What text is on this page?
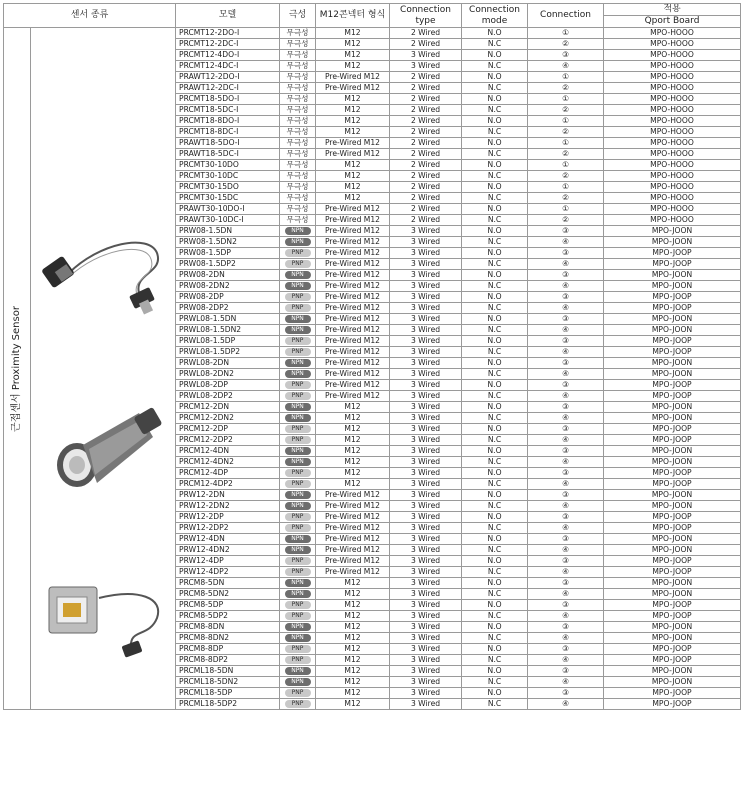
센서 종류		모델	극성	M12콘넥터 형식	Connection type	Connection mode	Connection	적용
								Qport Board

근접센서 Proximity Sensor		PRCMT12-2DO-I	무극성	M12	2 Wired	N.O	①	MPO-HOOO
		PRCMT12-2DC-I	무극성	M12	2 Wired	N.C	②	MPO-HOOO
		PRCMT12-4DO-I	무극성	M12	3 Wired	N.O	③	MPO-HOOO
		PRCMT12-4DC-I	무극성	M12	3 Wired	N.C	④	MPO-HOOO
		PRAWT12-2DO-I	무극성	Pre-Wired M12	2 Wired	N.O	①	MPO-HOOO
		PRAWT12-2DC-I	무극성	Pre-Wired M12	2 Wired	N.C	②	MPO-HOOO
		PRCMT18-5DO-I	무극성	M12	2 Wired	N.O	①	MPO-HOOO
		PRCMT18-5DC-I	무극성	M12	2 Wired	N.C	②	MPO-HOOO
		PRCMT18-8DO-I	무극성	M12	2 Wired	N.O	①	MPO-HOOO
		PRCMT18-8DC-I	무극성	M12	2 Wired	N.C	②	MPO-HOOO
		PRAWT18-5DO-I	무극성	Pre-Wired M12	2 Wired	N.O	①	MPO-HOOO
		PRAWT18-5DC-I	무극성	Pre-Wired M12	2 Wired	N.C	②	MPO-HOOO
		PRCMT30-10DO	무극성	M12	2 Wired	N.O	①	MPO-HOOO
		PRCMT30-10DC	무극성	M12	2 Wired	N.C	②	MPO-HOOO
		PRCMT30-15DO	무극성	M12	2 Wired	N.O	①	MPO-HOOO
		PRCMT30-15DC	무극성	M12	2 Wired	N.C	②	MPO-HOOO
		PRAWT30-10DO-I	무극성	Pre-Wired M12	2 Wired	N.O	①	MPO-HOOO
		PRAWT30-10DC-I	무극성	Pre-Wired M12	2 Wired	N.C	②	MPO-HOOO
		PRW08-1.5DN	NPN	Pre-Wired M12	3 Wired	N.O	③	MPO-JOON
		PRW08-1.5DN2	NPN	Pre-Wired M12	3 Wired	N.C	④	MPO-JOON
		PRW08-1.5DP	PNP	Pre-Wired M12	3 Wired	N.O	③	MPO-JOOP
		PRW08-1.5DP2	PNP	Pre-Wired M12	3 Wired	N.C	④	MPO-JOOP
		PRW08-2DN	NPN	Pre-Wired M12	3 Wired	N.O	③	MPO-JOON
		PRW08-2DN2	NPN	Pre-Wired M12	3 Wired	N.C	④	MPO-JOON
		PRW08-2DP	PNP	Pre-Wired M12	3 Wired	N.O	③	MPO-JOOP
		PRW08-2DP2	PNP	Pre-Wired M12	3 Wired	N.C	④	MPO-JOOP
		PRWL08-1.5DN	NPN	Pre-Wired M12	3 Wired	N.O	③	MPO-JOON
		PRWL08-1.5DN2	NPN	Pre-Wired M12	3 Wired	N.C	④	MPO-JOON
		PRWL08-1.5DP	PNP	Pre-Wired M12	3 Wired	N.O	③	MPO-JOOP
		PRWL08-1.5DP2	PNP	Pre-Wired M12	3 Wired	N.C	④	MPO-JOOP
		PRWL08-2DN	NPN	Pre-Wired M12	3 Wired	N.O	③	MPO-JOON
		PRWL08-2DN2	NPN	Pre-Wired M12	3 Wired	N.C	④	MPO-JOON
		PRWL08-2DP	PNP	Pre-Wired M12	3 Wired	N.O	③	MPO-JOOP
		PRWL08-2DP2	PNP	Pre-Wired M12	3 Wired	N.C	④	MPO-JOOP
		PRCM12-2DN	NPN	M12	3 Wired	N.O	③	MPO-JOON
		PRCM12-2DN2	NPN	M12	3 Wired	N.C	④	MPO-JOON
		PRCM12-2DP	PNP	M12	3 Wired	N.O	③	MPO-JOOP
		PRCM12-2DP2	PNP	M12	3 Wired	N.C	④	MPO-JOOP
		PRCM12-4DN	NPN	M12	3 Wired	N.O	③	MPO-JOON
		PRCM12-4DN2	NPN	M12	3 Wired	N.C	④	MPO-JOON
		PRCM12-4DP	PNP	M12	3 Wired	N.O	③	MPO-JOOP
		PRCM12-4DP2	PNP	M12	3 Wired	N.C	④	MPO-JOOP
		PRW12-2DN	NPN	Pre-Wired M12	3 Wired	N.O	③	MPO-JOON
		PRW12-2DN2	NPN	Pre-Wired M12	3 Wired	N.C	④	MPO-JOON
		PRW12-2DP	PNP	Pre-Wired M12	3 Wired	N.O	③	MPO-JOOP
		PRW12-2DP2	PNP	Pre-Wired M12	3 Wired	N.C	④	MPO-JOOP
		PRW12-4DN	NPN	Pre-Wired M12	3 Wired	N.O	③	MPO-JOON
		PRW12-4DN2	NPN	Pre-Wired M12	3 Wired	N.C	④	MPO-JOON
		PRW12-4DP	PNP	Pre-Wired M12	3 Wired	N.O	③	MPO-JOOP
		PRW12-4DP2	PNP	Pre-Wired M12	3 Wired	N.C	④	MPO-JOOP
		PRCM8-5DN	NPN	M12	3 Wired	N.O	③	MPO-JOON
		PRCM8-5DN2	NPN	M12	3 Wired	N.C	④	MPO-JOON
		PRCM8-5DP	PNP	M12	3 Wired	N.O	③	MPO-JOOP
		PRCM8-5DP2	PNP	M12	3 Wired	N.C	④	MPO-JOOP
		PRCM8-8DN	NPN	M12	3 Wired	N.O	③	MPO-JOON
		PRCM8-8DN2	NPN	M12	3 Wired	N.C	④	MPO-JOON
		PRCM8-8DP	PNP	M12	3 Wired	N.O	③	MPO-JOOP
		PRCM8-8DP2	PNP	M12	3 Wired	N.C	④	MPO-JOOP
		PRCML18-5DN	NPN	M12	3 Wired	N.O	③	MPO-JOON
		PRCML18-5DN2	NPN	M12	3 Wired	N.C	④	MPO-JOON
		PRCML18-5DP	PNP	M12	3 Wired	N.O	③	MPO-JOOP
		PRCML18-5DP2	PNP	M12	3 Wired	N.C	④	MPO-JOOP
